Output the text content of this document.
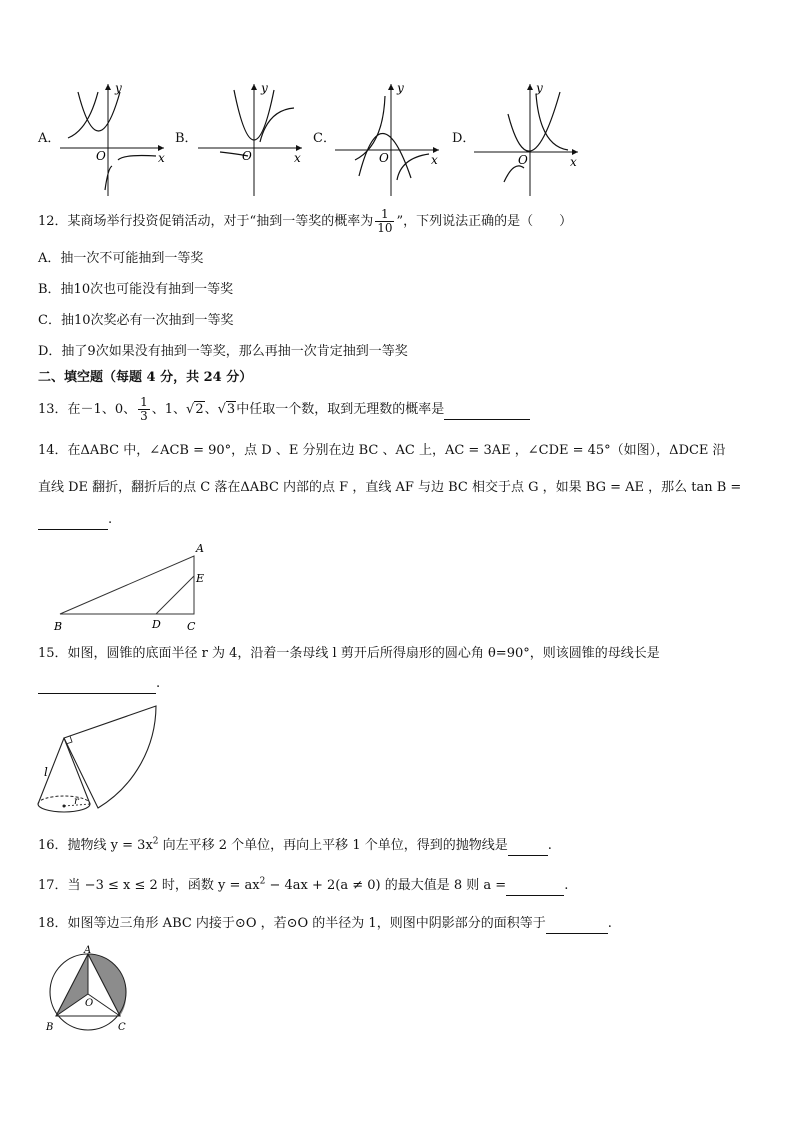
A．
y
x
O
B．
y
x
O
C．
y
x
O
D．
y
x
O
12．某商场举行投资促销活动，对于“抽到一等奖的概率为 $\frac{1}{10}$ ”，下列说法正确的是（　　）
A．抽一次不可能抽到一等奖
B．抽10次也可能没有抽到一等奖
C．抽10次奖必有一次抽到一等奖
D．抽了9次如果没有抽到一等奖，那么再抽一次肯定抽到一等奖
二、填空题（每题 4 分，共 24 分）
13．在－1、0、 $\frac{1}{3}$ 、1、√2、√3中任取一个数，取到无理数的概率是
14．在ΔABC 中，∠ACB = 90°，点 D 、E 分别在边 BC 、AC 上，AC = 3AE ，∠CDE = 45°（如图），ΔDCE 沿
直线 DE 翻折，翻折后的点 C 落在ΔABC 内部的点 F ，直线 AF 与边 BC 相交于点 G ，如果 BG = AE ，那么 tan B =
.
A
E
B	D C
15．如图，圆锥的底面半径 r 为 4，沿着一条母线 l 剪开后所得扇形的圆心角 θ=90°，则该圆锥的母线长是
.
l
r
16．抛物线 $y = 3x^2$ 向左平移 2 个单位，再向上平移 1 个单位，得到的抛物线是	.
17．当 −3 ≤ x ≤ 2 时，函数 $y = ax^2 - 4ax + 2(a \ne 0)$ 的最大值是 8 则 a =	.
18．如图等边三角形 ABC 内接于⊙O ，若⊙O 的半径为 1，则图中阴影部分的面积等于	.
A
B	C
O
